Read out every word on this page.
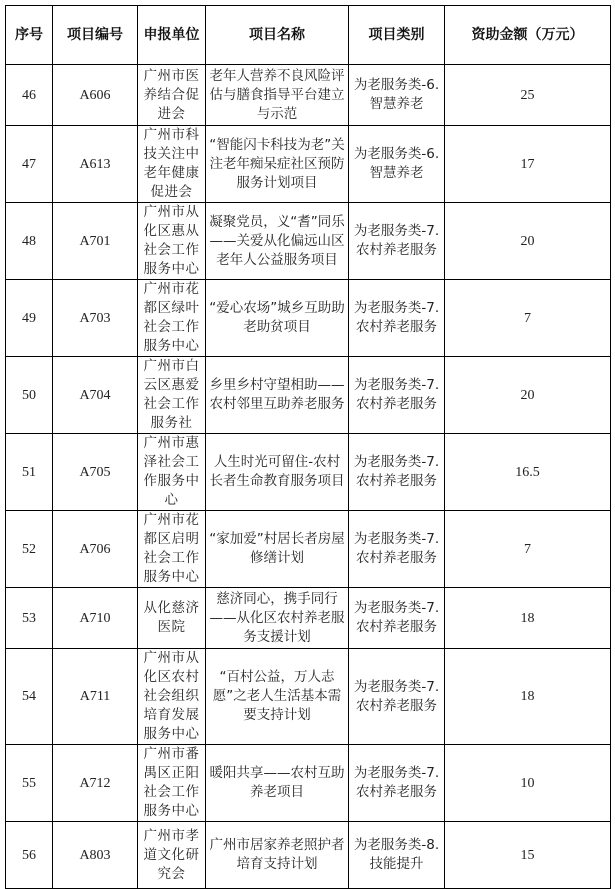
序号	项目编号	申报单位	项目名称	项目类别	资助金额（万元）
46	A606	广州市医养结合促进会	老年人营养不良风险评估与膳食指导平台建立与示范	为老服务类-6.智慧养老	25
47	A613	广州市科技关注中老年健康促进会	“智能闪卡科技为老”关注老年痴呆症社区预防服务计划项目	为老服务类-6.智慧养老	17
48	A701	广州市从化区惠从社会工作服务中心	凝聚党员，义“耆”同乐——关爱从化偏远山区老年人公益服务项目	为老服务类-7.农村养老服务	20
49	A703	广州市花都区绿叶社会工作服务中心	“爱心农场”城乡互助助老助贫项目	为老服务类-7.农村养老服务	7
50	A704	广州市白云区惠爱社会工作服务社	乡里乡村守望相助——农村邻里互助养老服务	为老服务类-7.农村养老服务	20
51	A705	广州市惠泽社会工作服务中心	人生时光可留住-农村长者生命教育服务项目	为老服务类-7.农村养老服务	16.5
52	A706	广州市花都区启明社会工作服务中心	“家加爱”村居长者房屋修缮计划	为老服务类-7.农村养老服务	7
53	A710	从化慈济医院	慈济同心，携手同行——从化区农村养老服务支援计划	为老服务类-7.农村养老服务	18
54	A711	广州市从化区农村社会组织培育发展服务中心	“百村公益，万人志愿”之老人生活基本需要支持计划	为老服务类-7.农村养老服务	18
55	A712	广州市番禺区正阳社会工作服务中心	暖阳共享——农村互助养老项目	为老服务类-7.农村养老服务	10
56	A803	广州市孝道文化研究会	广州市居家养老照护者培育支持计划	为老服务类-8.技能提升	15
